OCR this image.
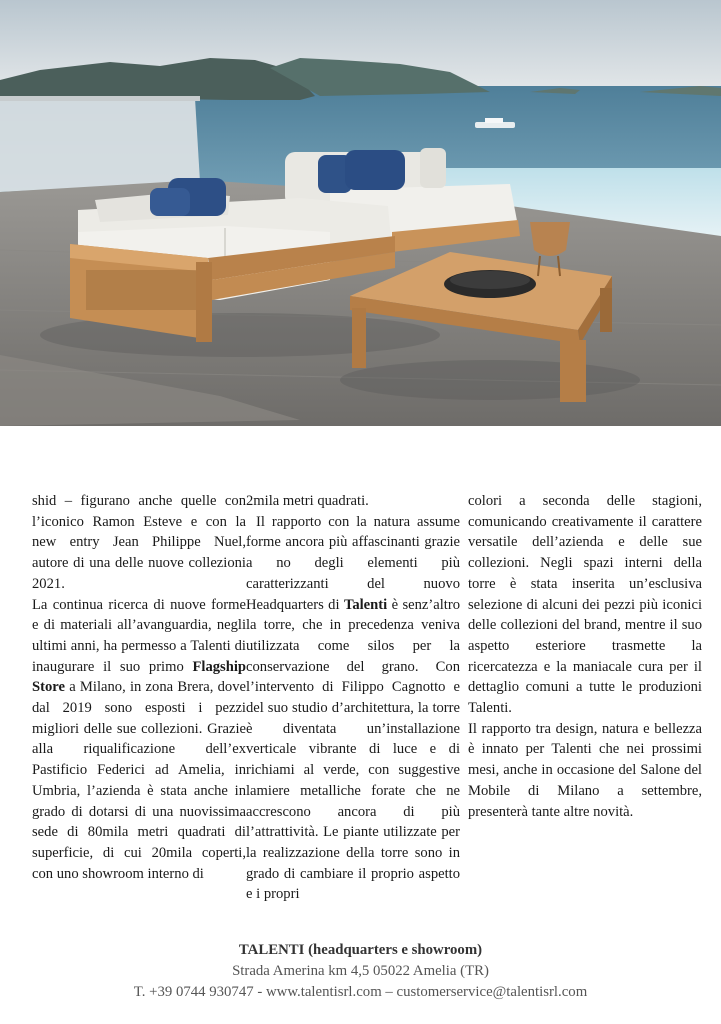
shid – figurano anche quelle con l’iconico Ramon Esteve e con la new entry Jean Philippe Nuel, autore di una delle nuove collezioni 2021.

La continua ricerca di nuove forme e di materiali all’avanguardia, negli ultimi anni, ha permesso a Talenti di inaugurare il suo primo Flagship Store a Milano, in zona Brera, dove dal 2019 sono esposti i pezzi migliori delle sue collezioni. Grazie alla riqualificazione dell’ex Pastificio Federici ad Amelia, in Umbria, l’azienda è stata anche in grado di dotarsi di una nuovissima sede di 80mila metri quadrati di superficie, di cui 20mila coperti, con uno showroom interno di

2mila metri quadrati.

Il rapporto con la natura assume forme ancora più affascinanti grazie a no degli elementi più caratterizzanti del nuovo Headquarters di Talenti è senz’altro la torre, che in precedenza veniva utilizzata come silos per la conservazione del grano. Con l’intervento di Filippo Cagnotto e del suo studio d’architettura, la torre è diventata un’installazione verticale vibrante di luce e di richiami al verde, con suggestive lamiere metalliche forate che ne accrescono ancora di più l’attrattività. Le piante utilizzate per la realizzazione della torre sono in grado di cambiare il proprio aspetto e i propri

colori a seconda delle stagioni, comunicando creativamente il carattere versatile dell’azienda e delle sue collezioni. Negli spazi interni della torre è stata inserita un’esclusiva selezione di alcuni dei pezzi più iconici delle collezioni del brand, mentre il suo aspetto esteriore trasmette la ricercatezza e la maniacale cura per il dettaglio comuni a tutte le produzioni Talenti.

Il rapporto tra design, natura e bellezza è innato per Talenti che nei prossimi mesi, anche in occasione del Salone del Mobile di Milano a settembre, presenterà tante altre novità.

TALENTI (headquarters e showroom)
Strada Amerina km 4,5 05022 Amelia (TR)
T. +39 0744 930747 - www.talentisrl.com – customerservice@talentisrl.com
